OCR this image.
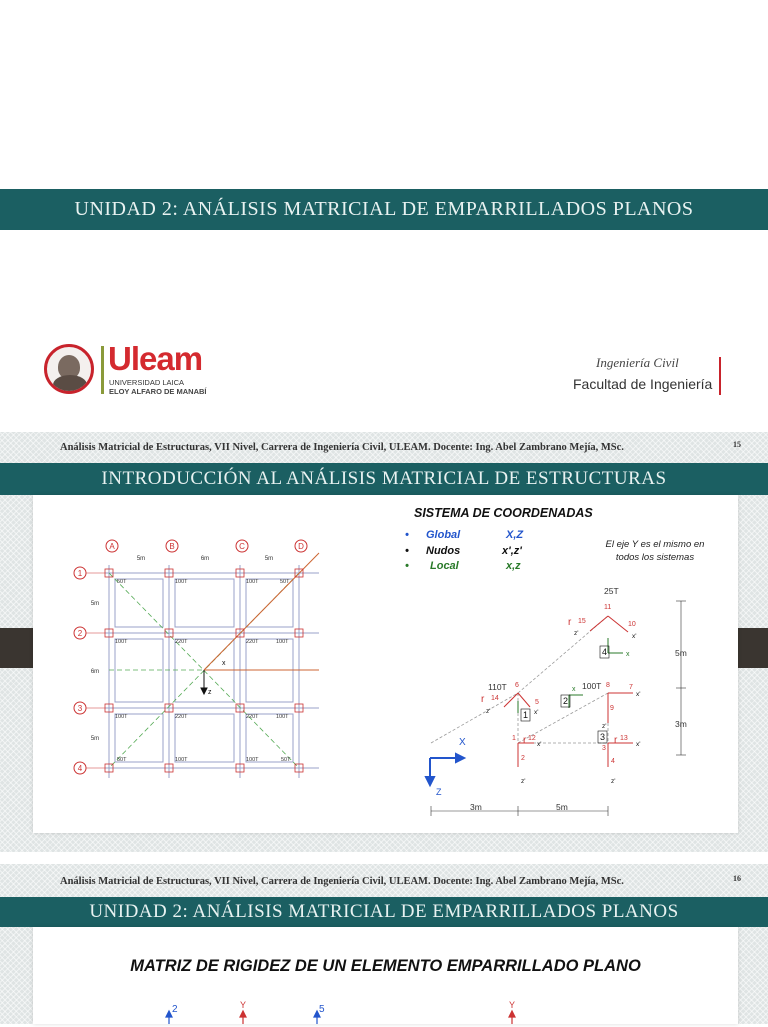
UNIDAD 2: ANÁLISIS MATRICIAL DE EMPARRILLADOS PLANOS
Uleam
UNIVERSIDAD LAICA
ELOY ALFARO DE MANABÍ
Ingeniería Civil
Facultad de Ingeniería
Análisis Matricial de Estructuras, VII Nivel, Carrera de Ingeniería Civil, ULEAM. Docente: Ing. Abel Zambrano Mejía, MSc.	15
INTRODUCCIÓN AL ANÁLISIS MATRICIAL DE ESTRUCTURAS
A	B	C	D
1
2
3
4
5m	6m	5m
5m
6m
5m
50T	100T	100T	50T
100T	220T	220T	100T
100T	220T	220T	100T
50T	100T	100T	50T
x
z
SISTEMA DE COORDENADAS
• Global	X,Z
• Nudos	x',z'
• Local	x,z
El eje Y es el mismo en todos los sistemas
X
Z
5m
3m
3m	5m
25T
110T	100T
4
1
2
3
11
15	10
6
14
5
7
8
9
12	13
1
2
3
4
r
r
r	r
x'
z'
z'	x'
x'
z'
x'
z'	z'
x'
x
x
Análisis Matricial de Estructuras, VII Nivel, Carrera de Ingeniería Civil, ULEAM. Docente: Ing. Abel Zambrano Mejía, MSc.	16
UNIDAD 2: ANÁLISIS MATRICIAL DE EMPARRILLADOS PLANOS
MATRIZ DE RIGIDEZ DE UN ELEMENTO EMPARRILLADO PLANO
2	Y	5	Y
